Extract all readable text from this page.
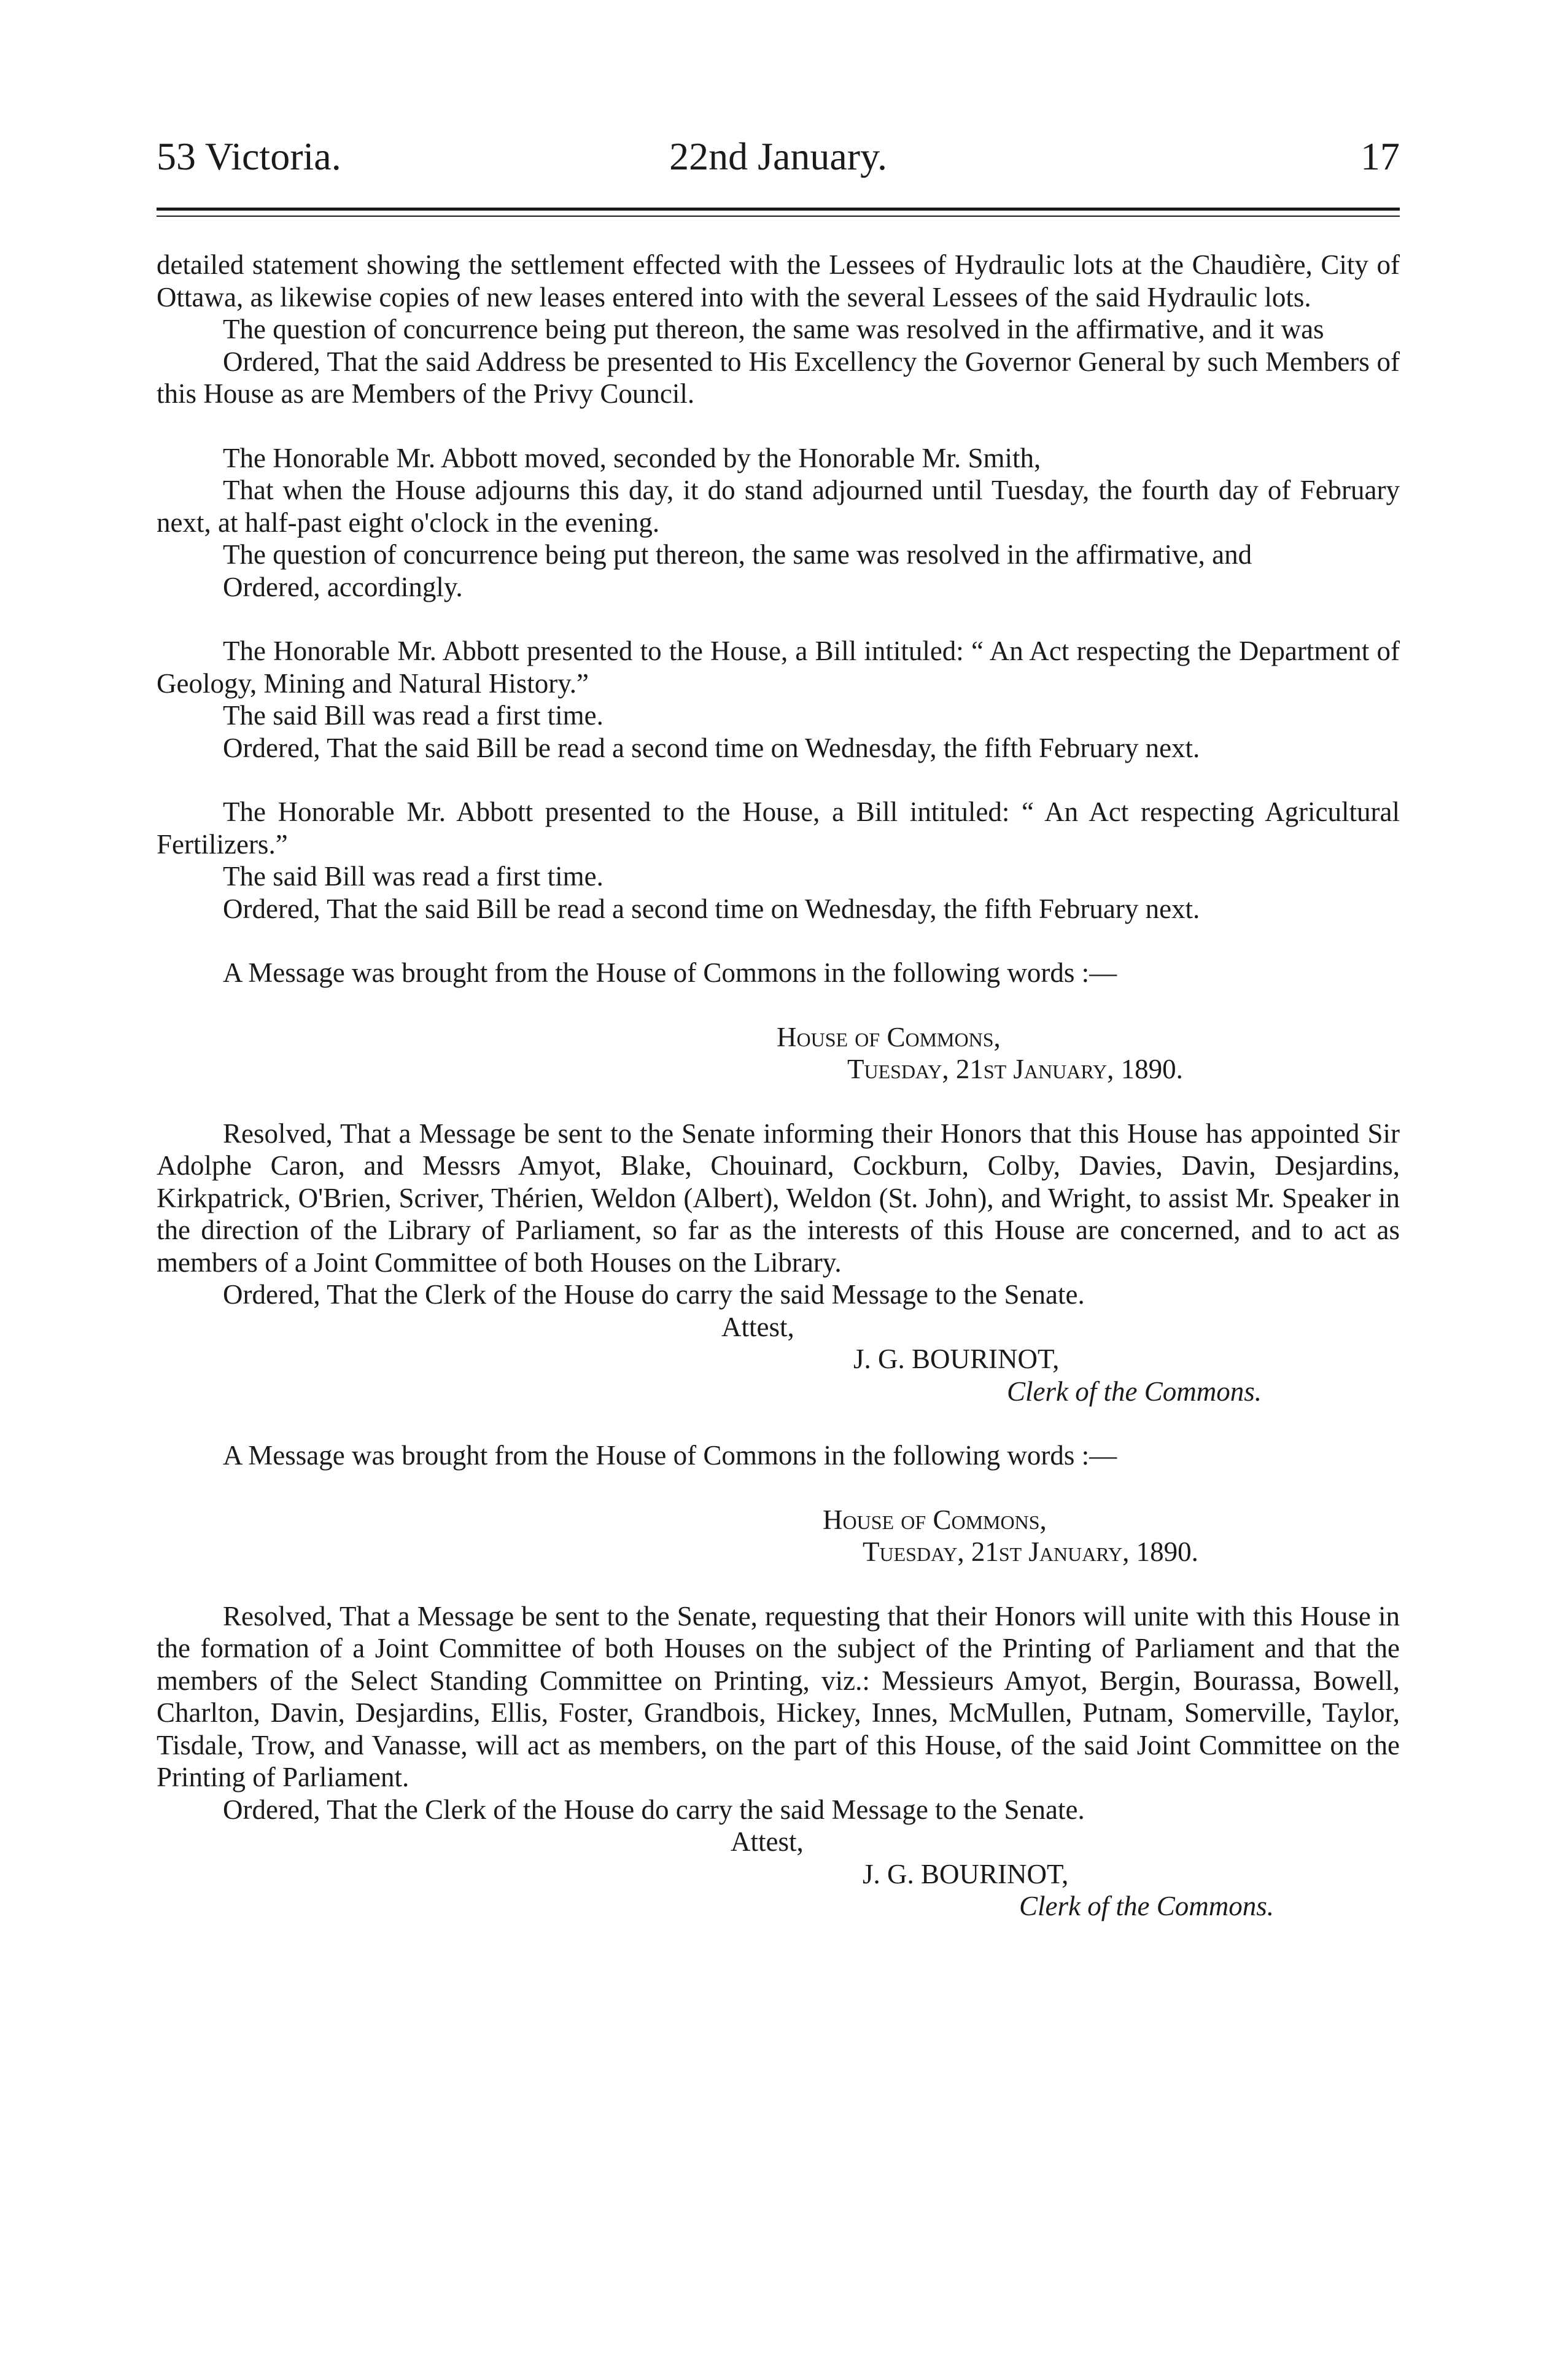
53 Victoria.	22nd January.	17

detailed statement showing the settlement effected with the Lessees of Hydraulic lots at the Chaudière, City of Ottawa, as likewise copies of new leases entered into with the several Lessees of the said Hydraulic lots.

The question of concurrence being put thereon, the same was resolved in the affirmative, and it was

Ordered, That the said Address be presented to His Excellency the Governor General by such Members of this House as are Members of the Privy Council.

The Honorable Mr. Abbott moved, seconded by the Honorable Mr. Smith,

That when the House adjourns this day, it do stand adjourned until Tuesday, the fourth day of February next, at half-past eight o'clock in the evening.

The question of concurrence being put thereon, the same was resolved in the affirmative, and

Ordered, accordingly.

The Honorable Mr. Abbott presented to the House, a Bill intituled: “ An Act respecting the Department of Geology, Mining and Natural History.”

The said Bill was read a first time.

Ordered, That the said Bill be read a second time on Wednesday, the fifth February next.

The Honorable Mr. Abbott presented to the House, a Bill intituled: “ An Act respecting Agricultural Fertilizers.”

The said Bill was read a first time.

Ordered, That the said Bill be read a second time on Wednesday, the fifth February next.

A Message was brought from the House of Commons in the following words :—

House of Commons,
Tuesday, 21st January, 1890.

Resolved, That a Message be sent to the Senate informing their Honors that this House has appointed Sir Adolphe Caron, and Messrs Amyot, Blake, Chouinard, Cockburn, Colby, Davies, Davin, Desjardins, Kirkpatrick, O'Brien, Scriver, Thérien, Weldon (Albert), Weldon (St. John), and Wright, to assist Mr. Speaker in the direction of the Library of Parliament, so far as the interests of this House are concerned, and to act as members of a Joint Committee of both Houses on the Library.

Ordered, That the Clerk of the House do carry the said Message to the Senate.

Attest,
J. G. BOURINOT,
Clerk of the Commons.

A Message was brought from the House of Commons in the following words :—

House of Commons,
Tuesday, 21st January, 1890.

Resolved, That a Message be sent to the Senate, requesting that their Honors will unite with this House in the formation of a Joint Committee of both Houses on the subject of the Printing of Parliament and that the members of the Select Standing Committee on Printing, viz.: Messieurs Amyot, Bergin, Bourassa, Bowell, Charlton, Davin, Desjardins, Ellis, Foster, Grandbois, Hickey, Innes, McMullen, Putnam, Somerville, Taylor, Tisdale, Trow, and Vanasse, will act as members, on the part of this House, of the said Joint Committee on the Printing of Parliament.

Ordered, That the Clerk of the House do carry the said Message to the Senate.

Attest,
J. G. BOURINOT,
Clerk of the Commons.
